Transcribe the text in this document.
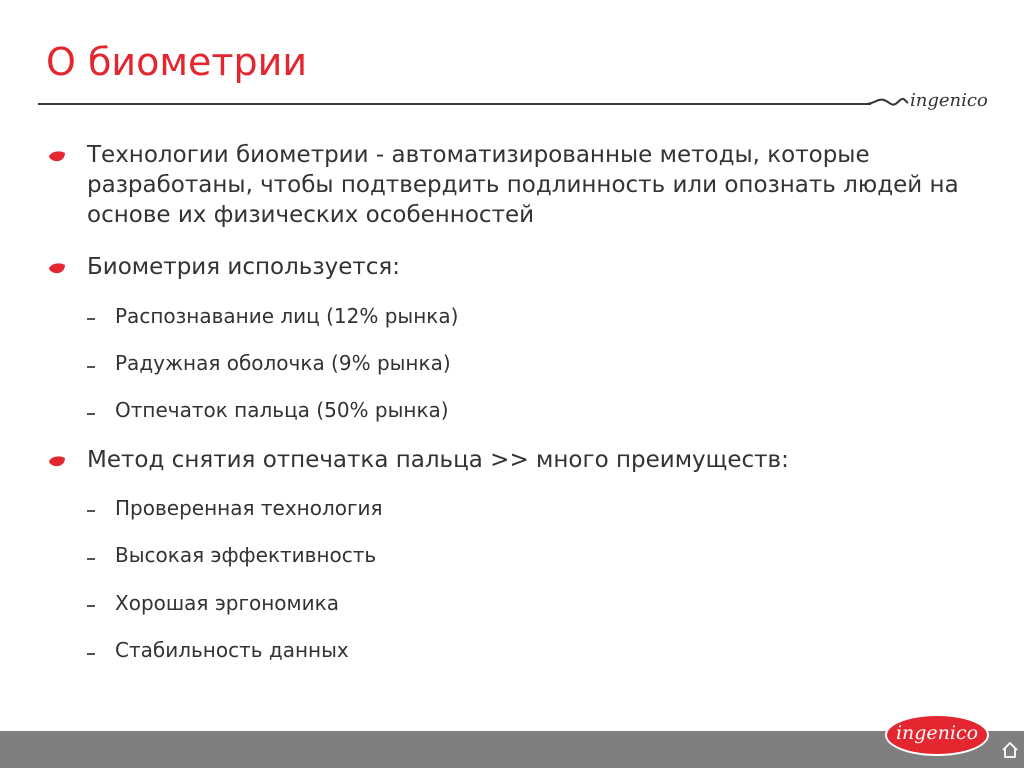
О биометрии
ingenico
Технологии биометрии - автоматизированные методы, которые разработаны, чтобы подтвердить подлинность или опознать людей на основе их физических особенностей
Биометрия используется:
Распознавание лиц (12% рынка)
Радужная оболочка (9% рынка)
Отпечаток пальца (50% рынка)
Метод снятия отпечатка пальца >> много преимуществ:
Проверенная технология
Высокая эффективность
Хорошая эргономика
Стабильность данных
ingenico
